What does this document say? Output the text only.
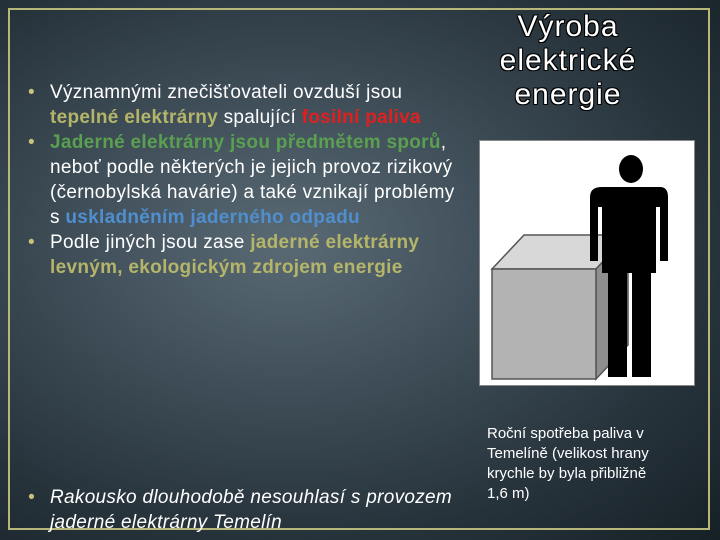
Výroba
elektrické
energie

• Významnými znečišťovateli ovzduší jsou tepelné elektrárny spalující fosilní paliva

• Jaderné elektrárny jsou předmětem sporů, neboť podle některých je jejich provoz rizikový (černobylská havárie) a také vznikají problémy s uskladněním jaderného odpadu

• Podle jiných jsou zase jaderné elektrárny levným, ekologickým zdrojem energie

• Rakousko dlouhodobě nesouhlasí s provozem jaderné elektrárny Temelín

Roční spotřeba paliva v
Temelíně (velikost hrany
krychle by byla přibližně
1,6 m)
